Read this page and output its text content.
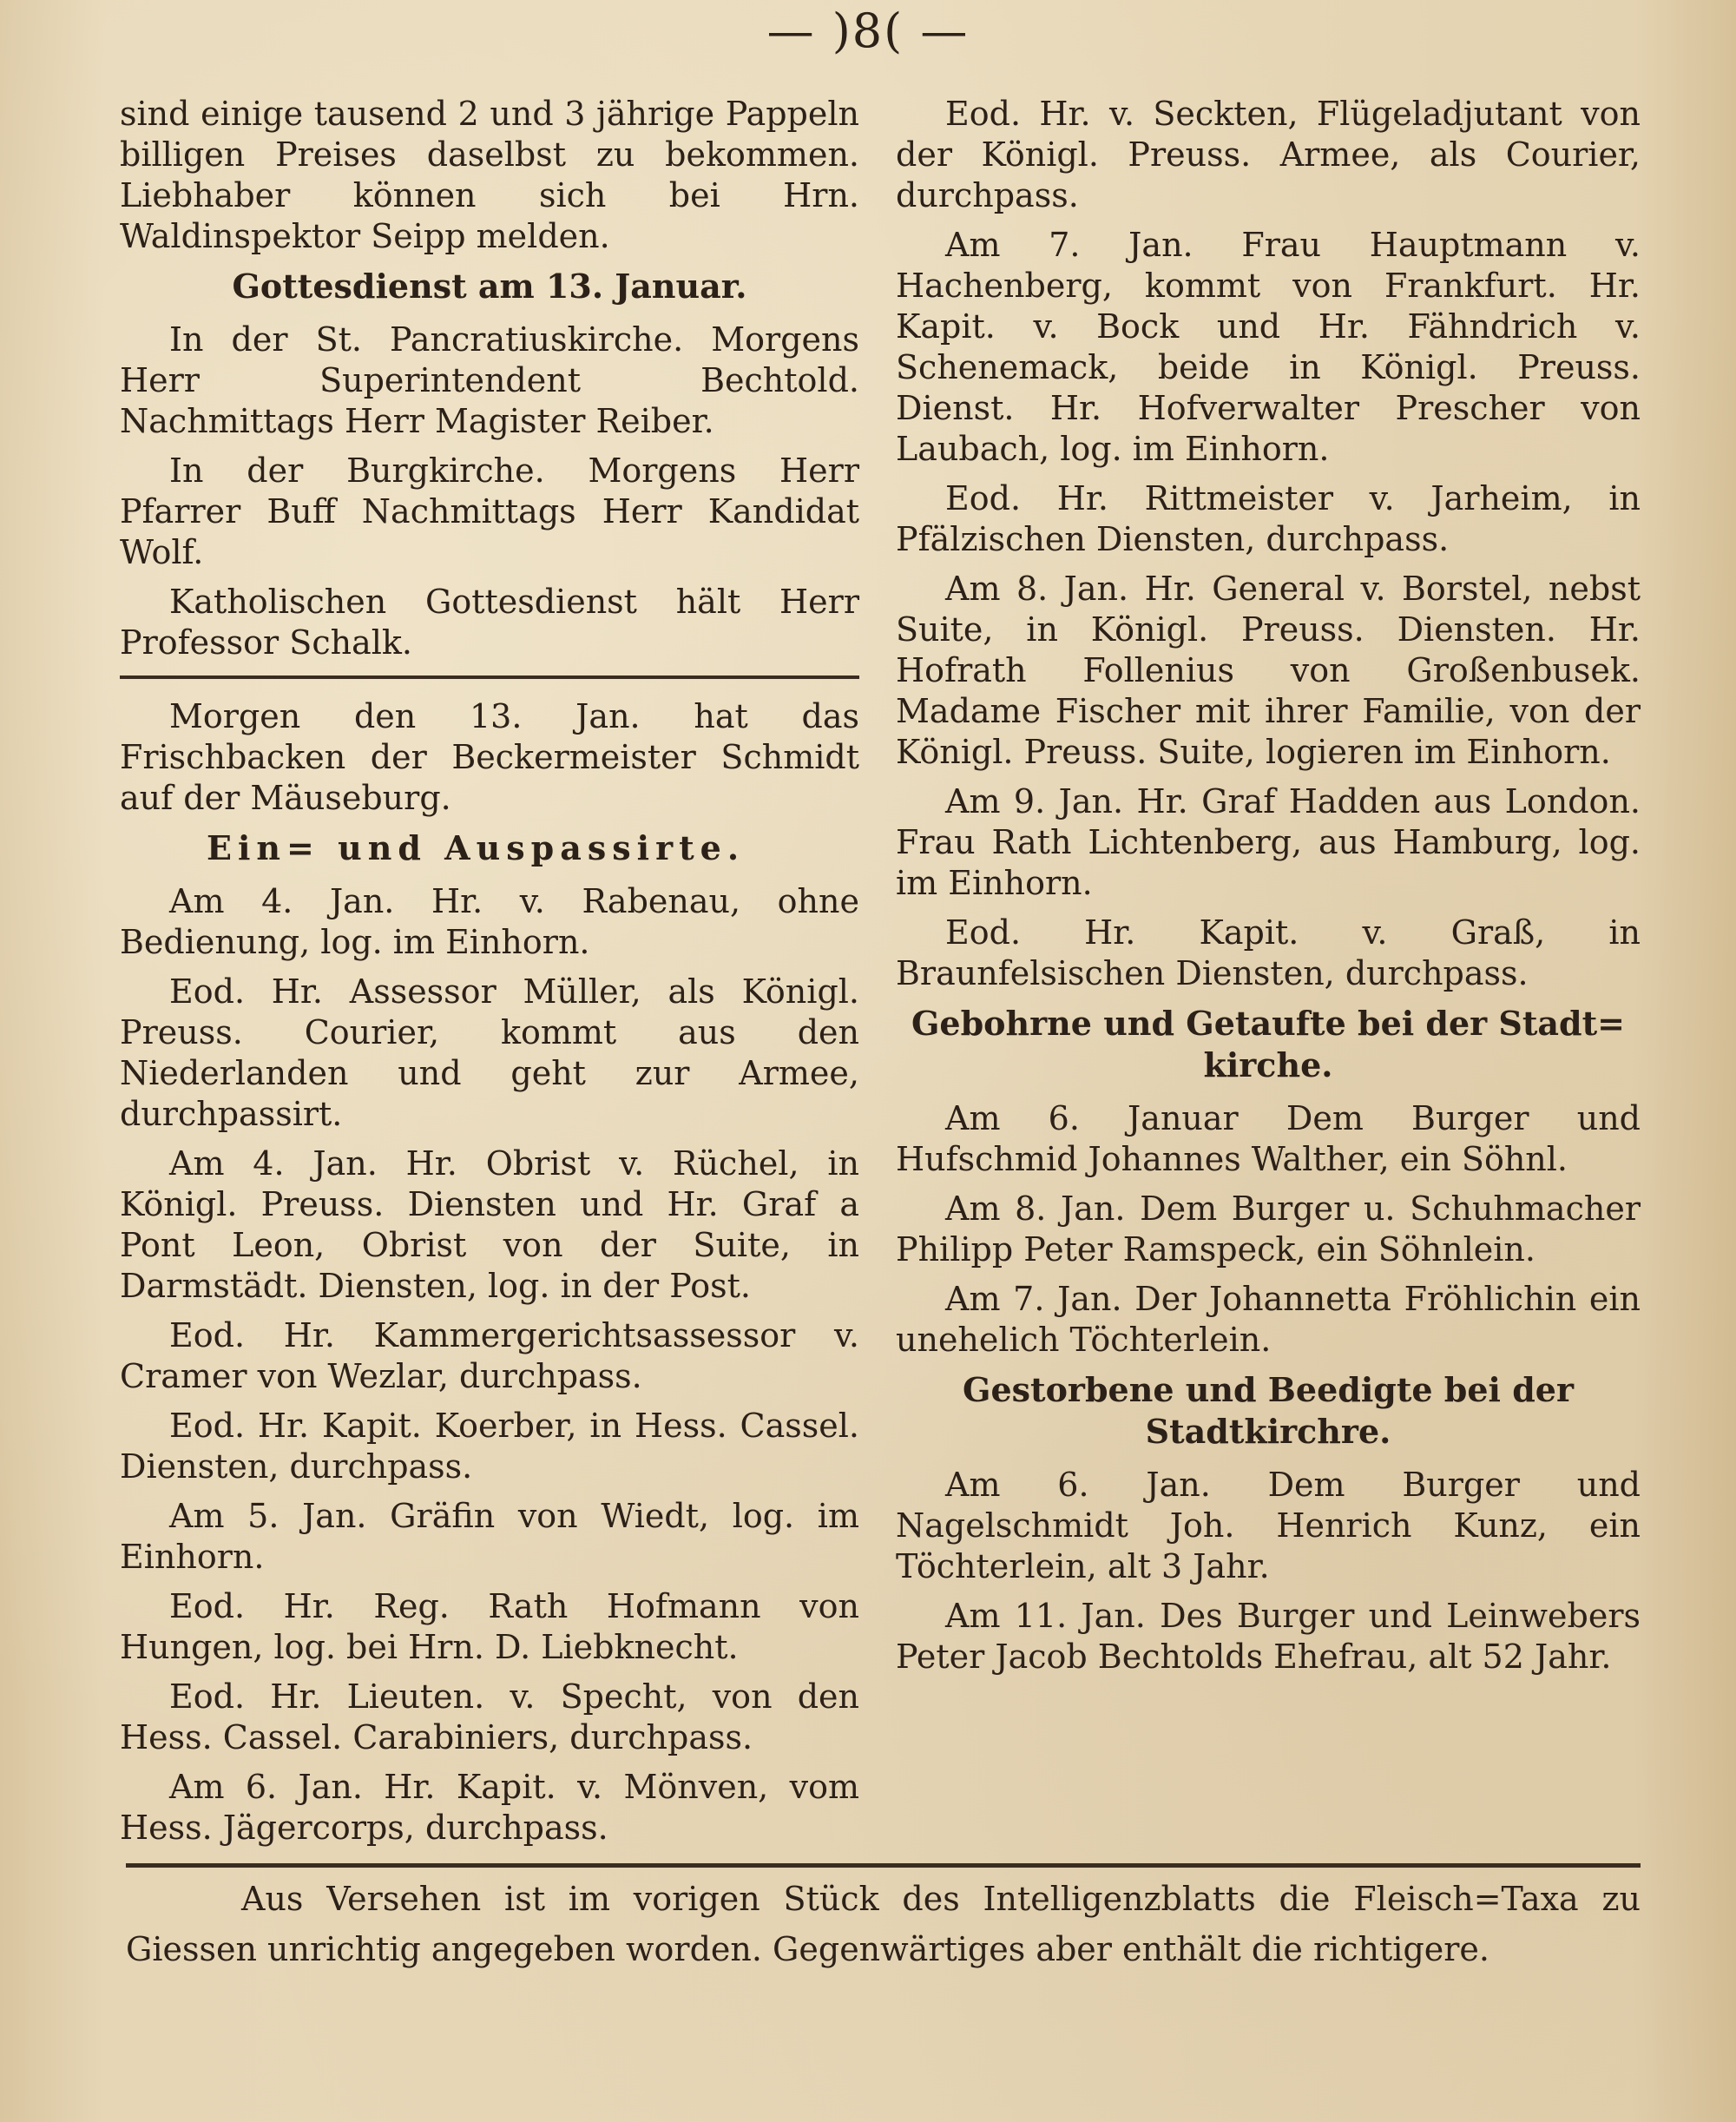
— )8( —

sind einige tausend 2 und 3 jährige Pappeln billigen Preises daselbst zu bekommen. Liebhaber können sich bei Hrn. Waldinspektor Seipp melden.

Gottesdienst am 13. Januar.

In der St. Pancratiuskirche. Morgens Herr Superintendent Bechtold. Nachmittags Herr Magister Reiber.

In der Burgkirche. Morgens Herr Pfarrer Buff Nachmittags Herr Kandidat Wolf.

Katholischen Gottesdienst hält Herr Professor Schalk.

Morgen den 13. Jan. hat das Frischbacken der Beckermeister Schmidt auf der Mäuseburg.

Ein= und Auspassirte.

Am 4. Jan. Hr. v. Rabenau, ohne Bedienung, log. im Einhorn.

Eod. Hr. Assessor Müller, als Königl. Preuss. Courier, kommt aus den Niederlanden und geht zur Armee, durchpassirt.

Am 4. Jan. Hr. Obrist v. Rüchel, in Königl. Preuss. Diensten und Hr. Graf a Pont Leon, Obrist von der Suite, in Darmstädt. Diensten, log. in der Post.

Eod. Hr. Kammergerichtsassessor v. Cramer von Wezlar, durchpass.

Eod. Hr. Kapit. Koerber, in Hess. Cassel. Diensten, durchpass.

Am 5. Jan. Gräfin von Wiedt, log. im Einhorn.

Eod. Hr. Reg. Rath Hofmann von Hungen, log. bei Hrn. D. Liebknecht.

Eod. Hr. Lieuten. v. Specht, von den Hess. Cassel. Carabiniers, durchpass.

Am 6. Jan. Hr. Kapit. v. Mönven, vom Hess. Jägercorps, durchpass.

Eod. Hr. v. Seckten, Flügeladjutant von der Königl. Preuss. Armee, als Courier, durchpass.

Am 7. Jan. Frau Hauptmann v. Hachenberg, kommt von Frankfurt. Hr. Kapit. v. Bock und Hr. Fähndrich v. Schenemack, beide in Königl. Preuss. Dienst. Hr. Hofverwalter Prescher von Laubach, log. im Einhorn.

Eod. Hr. Rittmeister v. Jarheim, in Pfälzischen Diensten, durchpass.

Am 8. Jan. Hr. General v. Borstel, nebst Suite, in Königl. Preuss. Diensten. Hr. Hofrath Follenius von Großenbusek. Madame Fischer mit ihrer Familie, von der Königl. Preuss. Suite, logieren im Einhorn.

Am 9. Jan. Hr. Graf Hadden aus London. Frau Rath Lichtenberg, aus Hamburg, log. im Einhorn.

Eod. Hr. Kapit. v. Graß, in Braunfelsischen Diensten, durchpass.

Gebohrne und Getaufte bei der Stadt=
kirche.

Am 6. Januar Dem Burger und Hufschmid Johannes Walther, ein Söhnl.

Am 8. Jan. Dem Burger u. Schuhmacher Philipp Peter Ramspeck, ein Söhnlein.

Am 7. Jan. Der Johannetta Fröhlichin ein unehelich Töchterlein.

Gestorbene und Beedigte bei der
Stadtkirchre.

Am 6. Jan. Dem Burger und Nagelschmidt Joh. Henrich Kunz, ein Töchterlein, alt 3 Jahr.

Am 11. Jan. Des Burger und Leinwebers Peter Jacob Bechtolds Ehefrau, alt 52 Jahr.

Aus Versehen ist im vorigen Stück des Intelligenzblatts die Fleisch=Taxa zu Giessen unrichtig angegeben worden. Gegenwärtiges aber enthält die richtigere.
